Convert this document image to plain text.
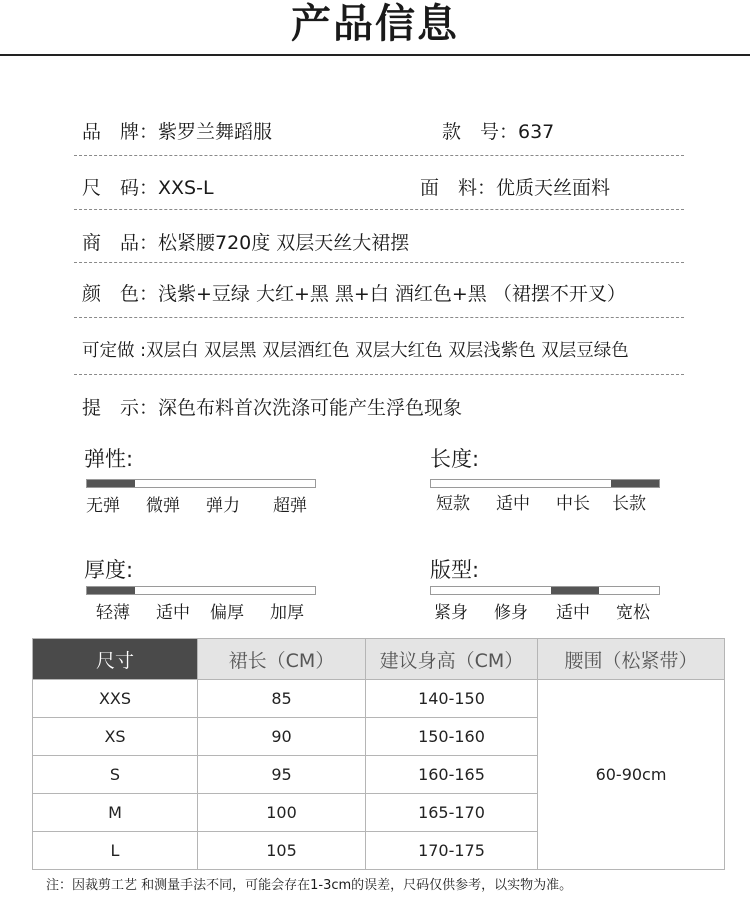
产品信息
品　牌：紫罗兰舞蹈服	款　号：637
尺　码：XXS-L	面　料：优质天丝面料
商　品：松紧腰720度 双层天丝大裙摆
颜　色：浅紫+豆绿 大红+黑 黑+白 酒红色+黑 （裙摆不开叉）
可定做 :双层白 双层黑 双层酒红色 双层大红色 双层浅紫色 双层豆绿色
提　示：深色布料首次洗涤可能产生浮色现象
弹性:
无弹 微弹 弹力 超弹
长度:
短款 适中 中长 长款
厚度:
轻薄 适中 偏厚 加厚
版型:
紧身 修身 适中 宽松
尺寸	裙长（CM）	建议身高（CM）	腰围（松紧带）
XXS	85	140-150	60-90cm
XS	90	150-160	
S	95	160-165	
M	100	165-170	
L	105	170-175	
注：因裁剪工艺 和测量手法不同，可能会存在1-3cm的误差，尺码仅供参考，以实物为准。
